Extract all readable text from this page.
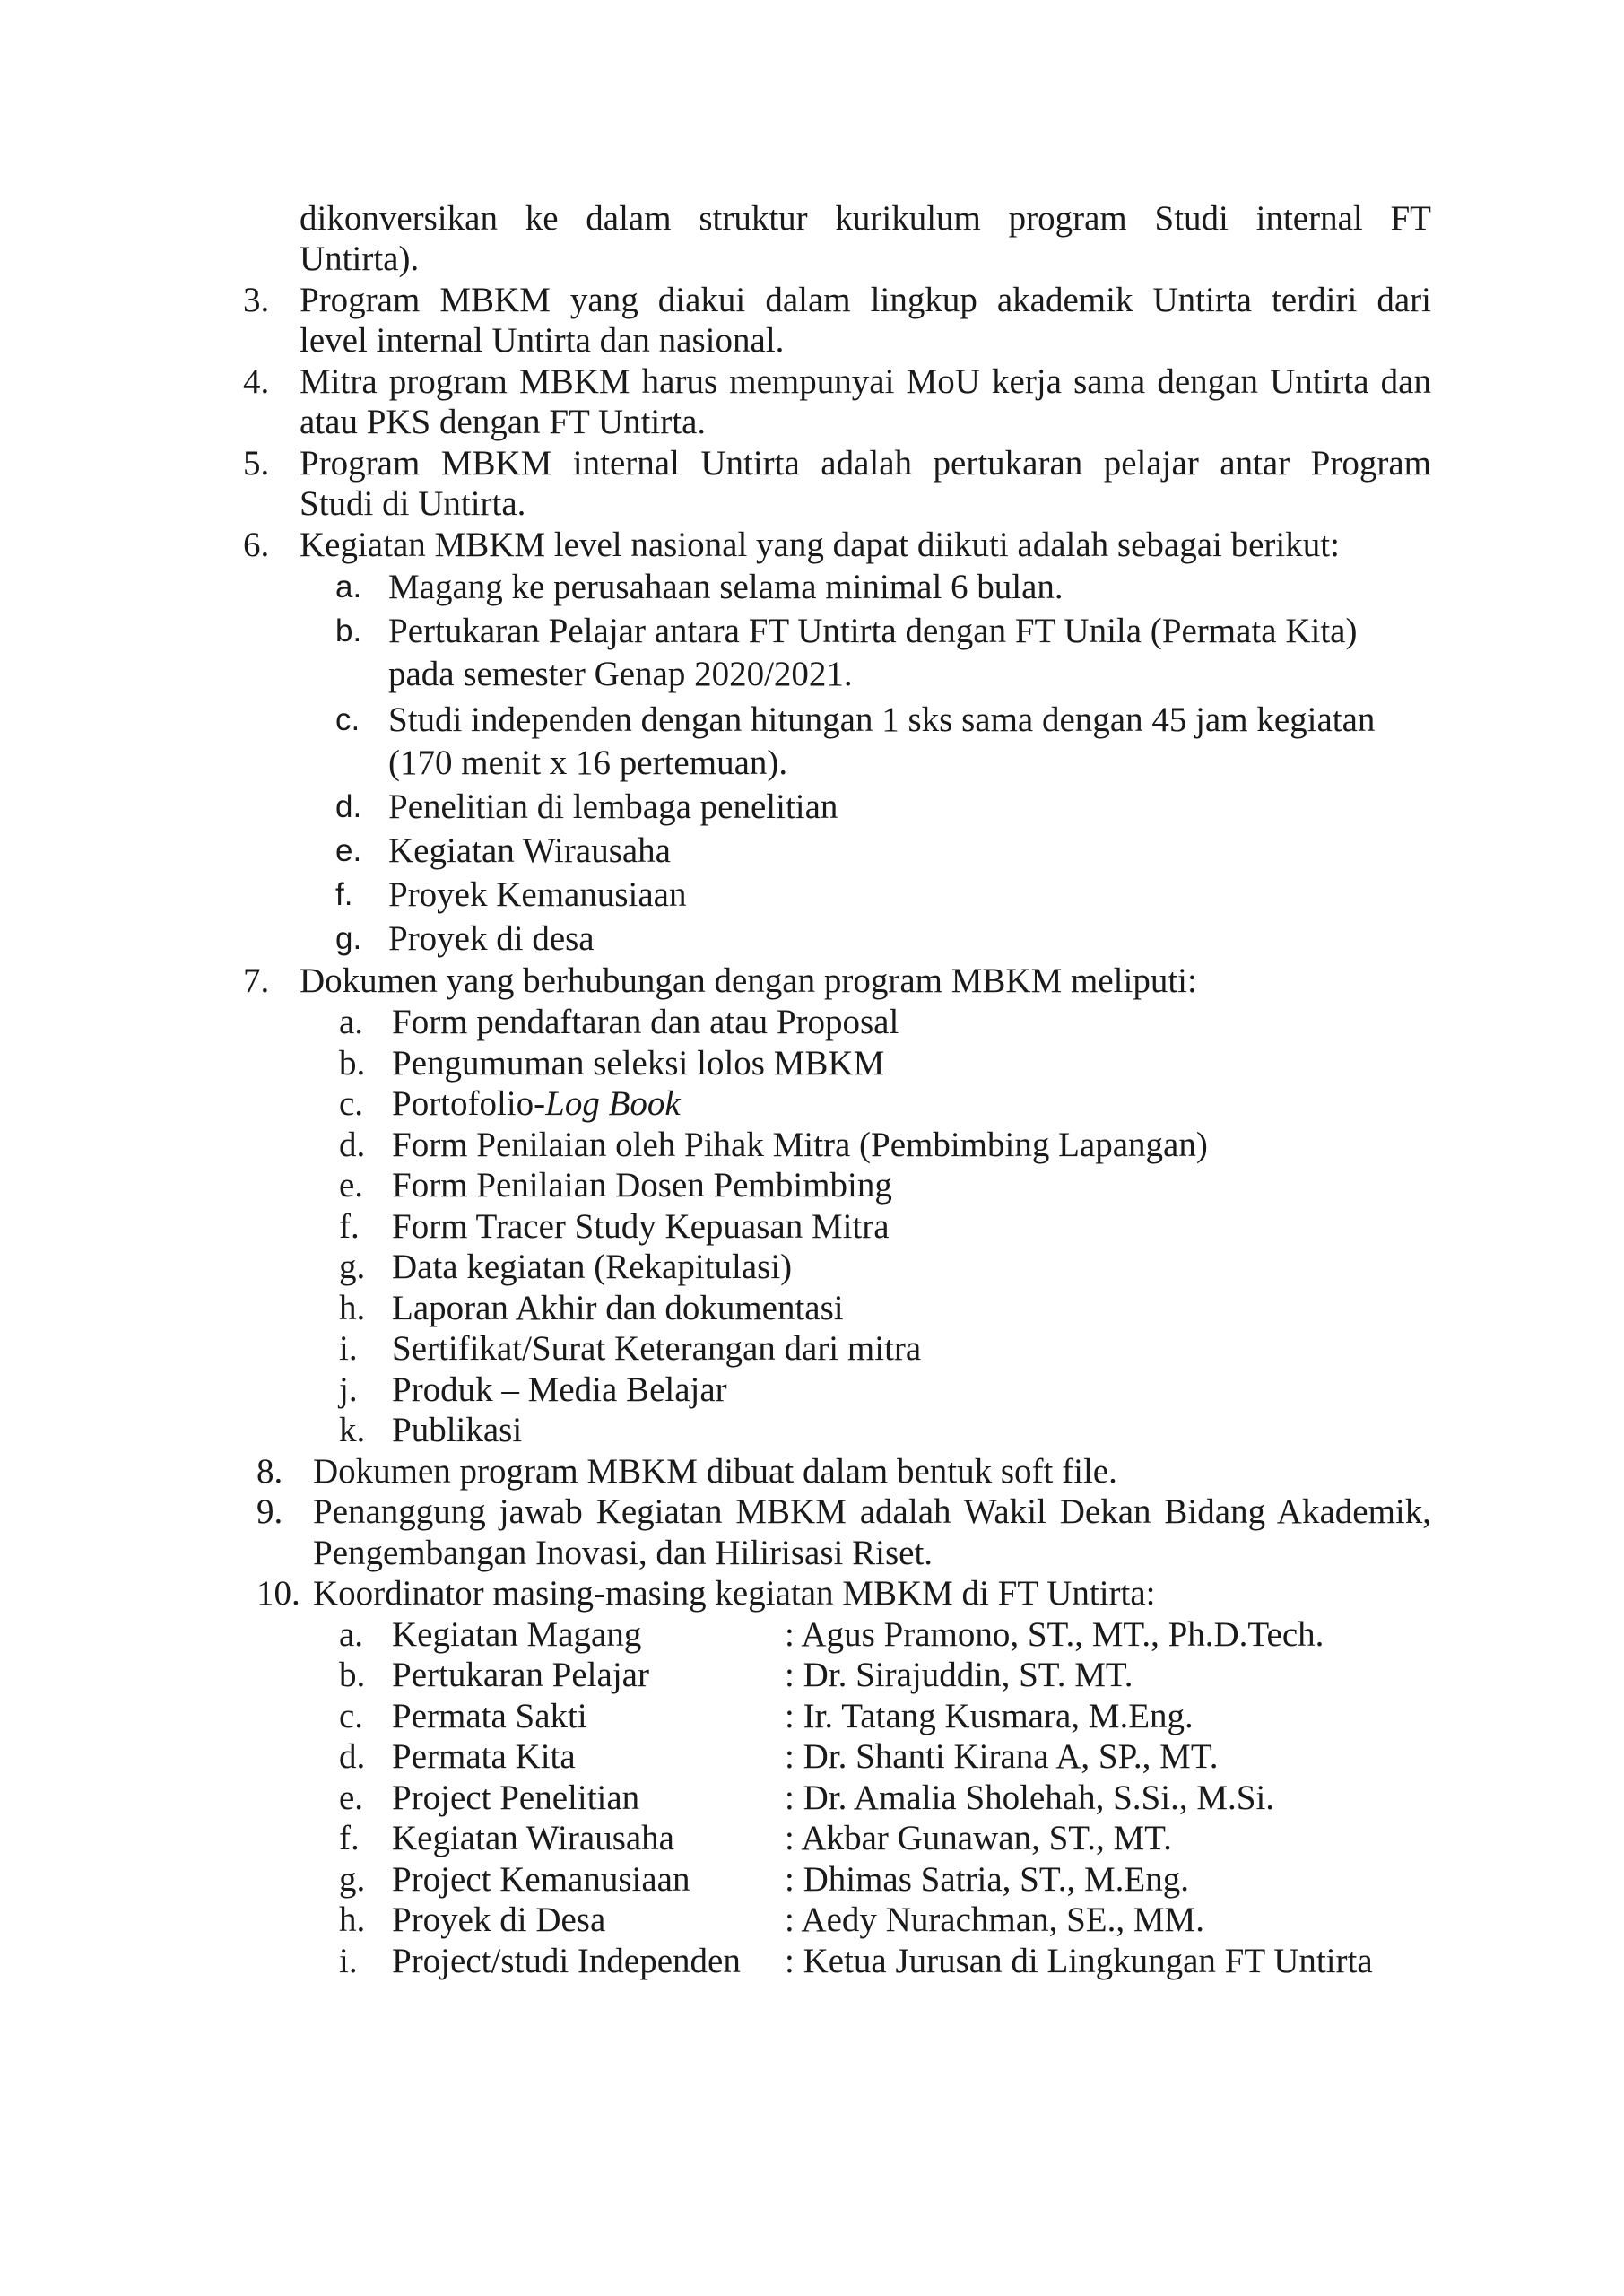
dikonversikan ke dalam struktur kurikulum program Studi internal FT
Untirta).
3. Program MBKM yang diakui dalam lingkup akademik Untirta terdiri dari
level internal Untirta dan nasional.
4. Mitra program MBKM harus mempunyai MoU kerja sama dengan Untirta dan
atau PKS dengan FT Untirta.
5. Program MBKM internal Untirta adalah pertukaran pelajar antar Program
Studi di Untirta.
6. Kegiatan MBKM level nasional yang dapat diikuti adalah sebagai berikut:
a. Magang ke perusahaan selama minimal 6 bulan.
b. Pertukaran Pelajar antara FT Untirta dengan FT Unila (Permata Kita)
pada semester Genap 2020/2021.
c. Studi independen dengan hitungan 1 sks sama dengan 45 jam kegiatan
(170 menit x 16 pertemuan).
d. Penelitian di lembaga penelitian
e. Kegiatan Wirausaha
f. Proyek Kemanusiaan
g. Proyek di desa
7. Dokumen yang berhubungan dengan program MBKM meliputi:
a. Form pendaftaran dan atau Proposal
b. Pengumuman seleksi lolos MBKM
c. Portofolio-Log Book
d. Form Penilaian oleh Pihak Mitra (Pembimbing Lapangan)
e. Form Penilaian Dosen Pembimbing
f. Form Tracer Study Kepuasan Mitra
g. Data kegiatan (Rekapitulasi)
h. Laporan Akhir dan dokumentasi
i. Sertifikat/Surat Keterangan dari mitra
j. Produk – Media Belajar
k. Publikasi
8. Dokumen program MBKM dibuat dalam bentuk soft file.
9. Penanggung jawab Kegiatan MBKM adalah Wakil Dekan Bidang Akademik,
Pengembangan Inovasi, dan Hilirisasi Riset.
10. Koordinator masing-masing kegiatan MBKM di FT Untirta:
a. Kegiatan Magang	: Agus Pramono, ST., MT., Ph.D.Tech.
b. Pertukaran Pelajar	: Dr. Sirajuddin, ST. MT.
c. Permata Sakti	: Ir. Tatang Kusmara, M.Eng.
d. Permata Kita	: Dr. Shanti Kirana A, SP., MT.
e. Project Penelitian	: Dr. Amalia Sholehah, S.Si., M.Si.
f. Kegiatan Wirausaha	: Akbar Gunawan, ST., MT.
g. Project Kemanusiaan	: Dhimas Satria, ST., M.Eng.
h. Proyek di Desa	: Aedy Nurachman, SE., MM.
i. Project/studi Independen : Ketua Jurusan di Lingkungan FT Untirta
